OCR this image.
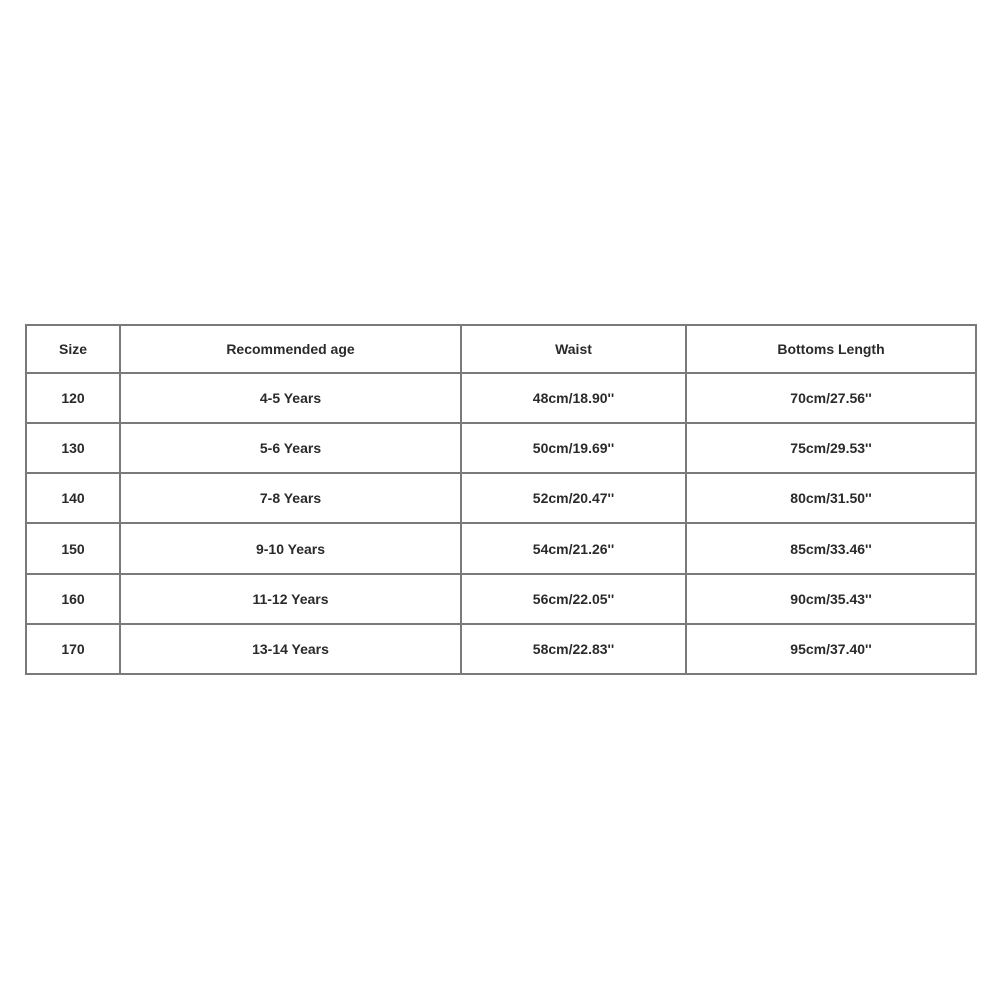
Size	Recommended age	Waist	Bottoms Length
120	4-5 Years	48cm/18.90''	70cm/27.56''
130	5-6 Years	50cm/19.69''	75cm/29.53''
140	7-8 Years	52cm/20.47''	80cm/31.50''
150	9-10 Years	54cm/21.26''	85cm/33.46''
160	11-12 Years	56cm/22.05''	90cm/35.43''
170	13-14 Years	58cm/22.83''	95cm/37.40''
